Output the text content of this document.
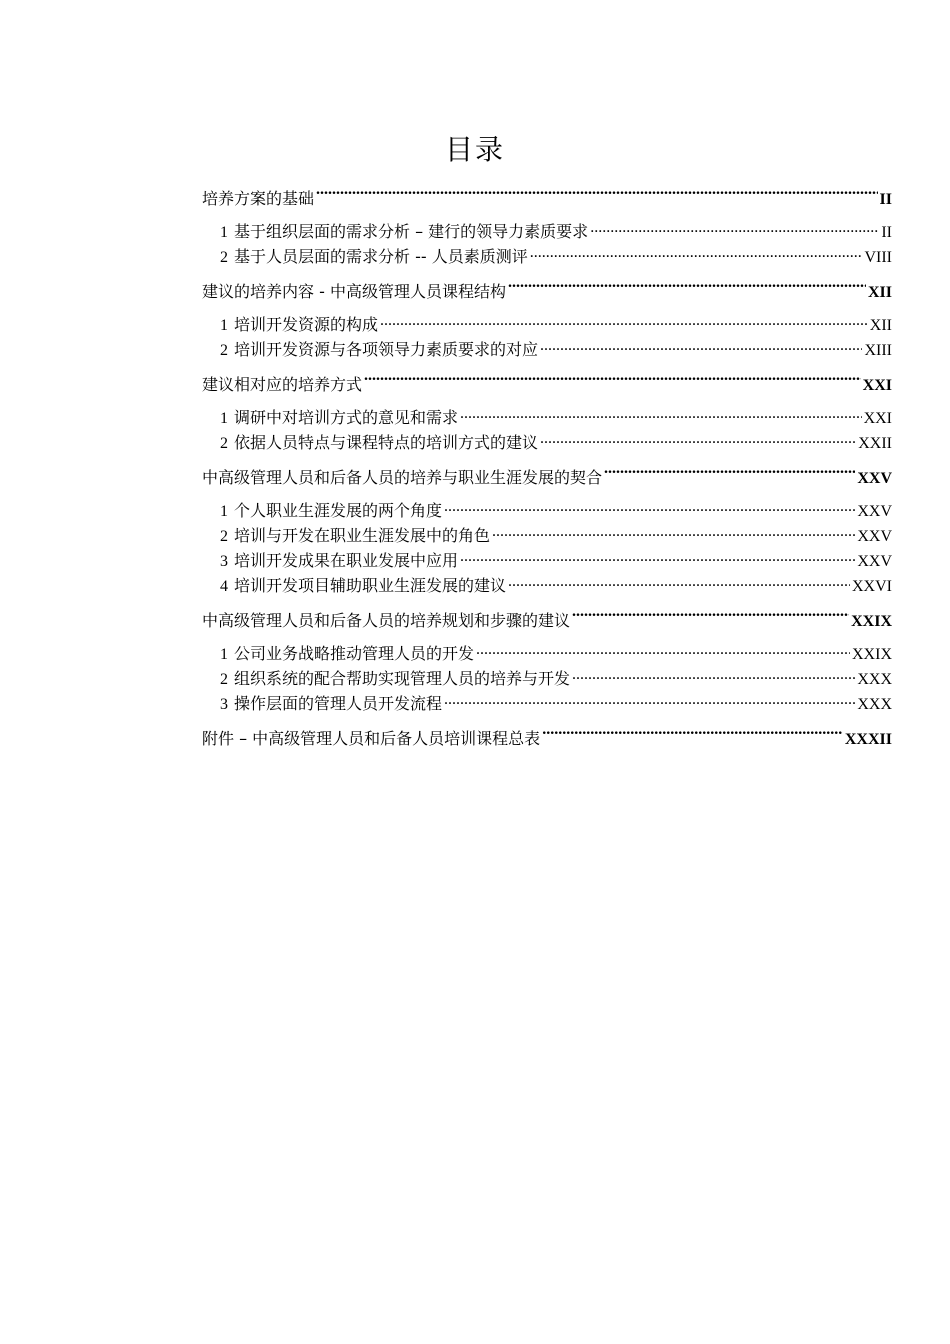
目录
培养方案的基础 .....	II
1 基于组织层面的需求分析 – 建行的领导力素质要求 .....	II
2 基于人员层面的需求分析 -- 人员素质测评 .....	VIII
建议的培养内容 - 中高级管理人员课程结构 .....	XII
1 培训开发资源的构成 .....	XII
2 培训开发资源与各项领导力素质要求的对应 .....	XIII
建议相对应的培养方式 .....	XXI
1 调研中对培训方式的意见和需求 .....	XXI
2 依据人员特点与课程特点的培训方式的建议 .....	XXII
中高级管理人员和后备人员的培养与职业生涯发展的契合 .....	XXV
1 个人职业生涯发展的两个角度 .....	XXV
2 培训与开发在职业生涯发展中的角色 .....	XXV
3 培训开发成果在职业发展中应用 .....	XXV
4 培训开发项目辅助职业生涯发展的建议 .....	XXVI
中高级管理人员和后备人员的培养规划和步骤的建议 .....	XXIX
1 公司业务战略推动管理人员的开发 .....	XXIX
2 组织系统的配合帮助实现管理人员的培养与开发 .....	XXX
3 操作层面的管理人员开发流程 .....	XXX
附件 – 中高级管理人员和后备人员培训课程总表 .....	XXXII
